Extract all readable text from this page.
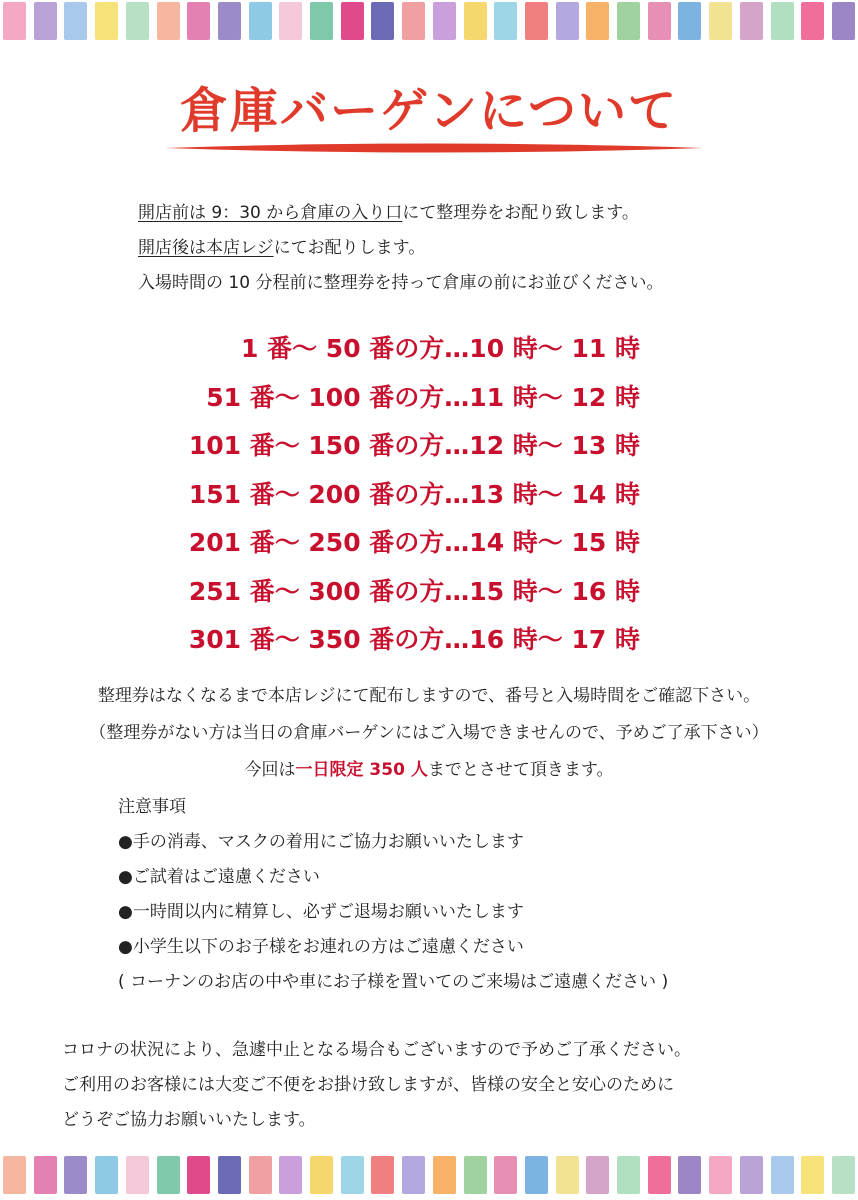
倉庫バーゲンについて

開店前は 9：30 から倉庫の入り口にて整理券をお配り致します。

開店後は本店レジにてお配りします。

入場時間の 10 分程前に整理券を持って倉庫の前にお並びください。

1 番～ 50 番の方…10 時～ 11 時
51 番～ 100 番の方…11 時～ 12 時
101 番～ 150 番の方…12 時～ 13 時
151 番～ 200 番の方…13 時～ 14 時
201 番～ 250 番の方…14 時～ 15 時
251 番～ 300 番の方…15 時～ 16 時
301 番～ 350 番の方…16 時～ 17 時

整理券はなくなるまで本店レジにて配布しますので、番号と入場時間をご確認下さい。

（整理券がない方は当日の倉庫バーゲンにはご入場できませんので、予めご了承下さい）

今回は一日限定 350 人までとさせて頂きます。

注意事項

●手の消毒、マスクの着用にご協力お願いいたします

●ご試着はご遠慮ください

●一時間以内に精算し、必ずご退場お願いいたします

●小学生以下のお子様をお連れの方はご遠慮ください

( コーナンのお店の中や車にお子様を置いてのご来場はご遠慮ください )

コロナの状況により、急遽中止となる場合もございますので予めご了承ください。

ご利用のお客様には大変ご不便をお掛け致しますが、皆様の安全と安心のために

どうぞご協力お願いいたします。
